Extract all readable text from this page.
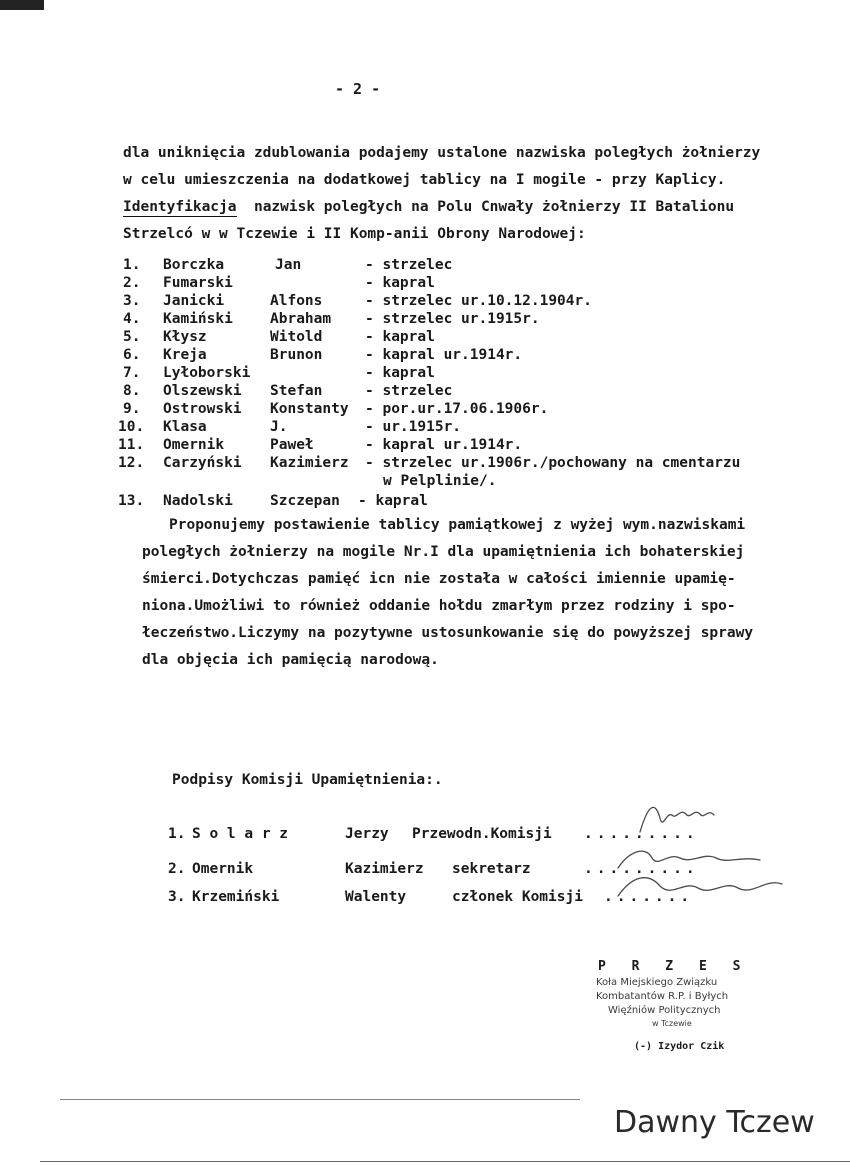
- 2 -
dla uniknięcia zdublowania podajemy ustalone nazwiska poległych żołnierzy
w celu umieszczenia na dodatkowej tablicy na I mogile - przy Kaplicy.
Identyfikacja nazwisk poległych na Polu Cnwały żołnierzy II Batalionu
Strzelcó w w Tczewie i II Komp-anii Obrony Narodowej:
1. Borczka	Jan	- strzelec
2. Fumarski	- kapral
3. Janicki	Alfons	- strzelec ur.10.12.1904r.
4. Kamiński	Abraham - strzelec ur.1915r.
5. Kłysz	Witold	- kapral
6. Kreja	Brunon	- kapral ur.1914r.
7. Lyłoborski	- kapral
8. Olszewski Stefan	- strzelec
9. Ostrowski Konstanty - por.ur.17.06.1906r.
10. Klasa	J.	- ur.1915r.
11. Omernik	Paweł	- kapral ur.1914r.
12. Carzyński Kazimierz - strzelec ur.1906r./pochowany na cmentarzu
w Pelplinie/.
13. Nadolski	Szczepan - kapral
Proponujemy postawienie tablicy pamiątkowej z wyżej wym.nazwiskami
poległych żołnierzy na mogile Nr.I dla upamiętnienia ich bohaterskiej
śmierci.Dotychczas pamięć icn nie została w całości imiennie upamię-
niona.Umożliwi to również oddanie hołdu zmarłym przez rodziny i spo-
łeczeństwo.Liczymy na pozytywne ustosunkowanie się do powyższej sprawy
dla objęcia ich pamięcią narodową.
Podpisy Komisji Upamiętnienia:.
1. S o l a r z	Jerzy Przewodn.Komisji .........
2. Omernik	Kazimierz sekretarz	.........
3. Krzemiński	Walenty	członek Komisji .......
P R Z E S
Koła Miejskiego Związku
Kombatantów R.P. i Byłych
Więźniów Politycznych
w Tczewie
(-) Izydor Czik
Dawny Tczew
